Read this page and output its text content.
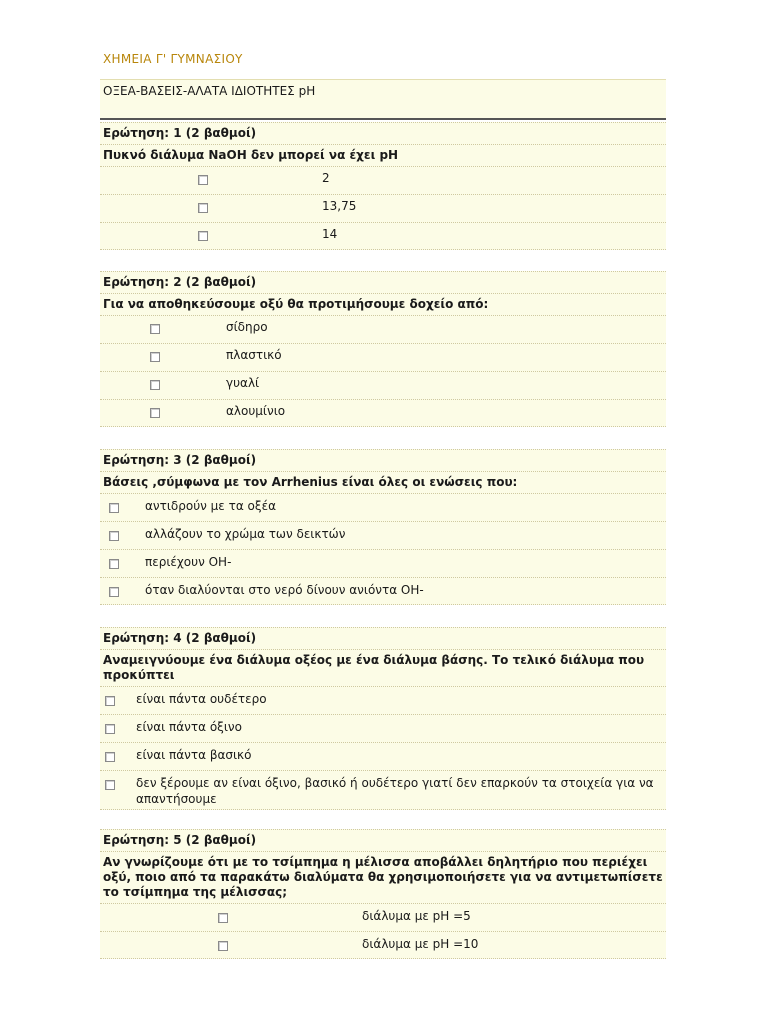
ΧΗΜΕΙΑ Γ' ΓΥΜΝΑΣΙΟΥ
ΟΞΕΑ-ΒΑΣΕΙΣ-ΑΛΑΤΑ ΙΔΙΟΤΗΤΕΣ pH
Ερώτηση: 1 (2 βαθμοί)
Πυκνό διάλυμα NaOH δεν μπορεί να έχει pH
2
13,75
14
Ερώτηση: 2 (2 βαθμοί)
Για να αποθηκεύσουμε οξύ θα προτιμήσουμε δοχείο από:
σίδηρο
πλαστικό
γυαλί
αλουμίνιο
Ερώτηση: 3 (2 βαθμοί)
Βάσεις ,σύμφωνα με τον Arrhenius είναι όλες οι ενώσεις που:
αντιδρούν με τα οξέα
αλλάζουν το χρώμα των δεικτών
περιέχουν ΟΗ-
όταν διαλύονται στο νερό δίνουν ανιόντα ΟΗ-
Ερώτηση: 4 (2 βαθμοί)
Αναμειγνύουμε ένα διάλυμα οξέος με ένα διάλυμα βάσης. Το τελικό διάλυμα που προκύπτει
είναι πάντα ουδέτερο
είναι πάντα όξινο
είναι πάντα βασικό
δεν ξέρουμε αν είναι όξινο, βασικό ή ουδέτερο γιατί δεν επαρκούν τα στοιχεία για να απαντήσουμε
Ερώτηση: 5 (2 βαθμοί)
Αν γνωρίζουμε ότι με το τσίμπημα η μέλισσα αποβάλλει δηλητήριο που περιέχει οξύ, ποιο από τα παρακάτω διαλύματα θα χρησιμοποιήσετε για να αντιμετωπίσετε το τσίμπημα της μέλισσας;
διάλυμα με pH =5
διάλυμα με pH =10
